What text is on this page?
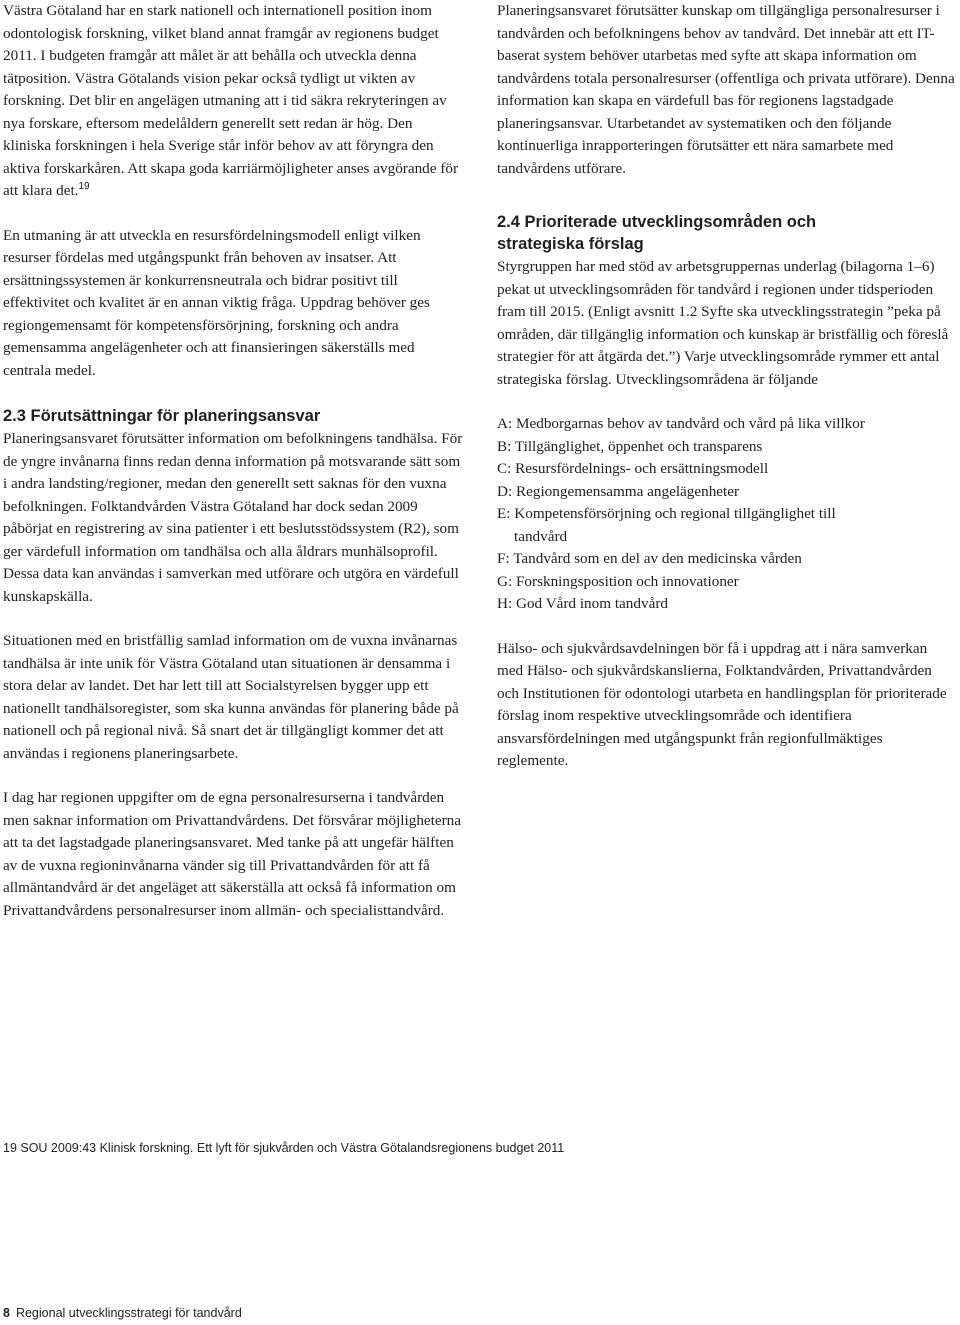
Västra Götaland har en stark nationell och internationell position inom odontologisk forskning, vilket bland annat framgår av regionens budget 2011. I budgeten framgår att målet är att behålla och utveckla denna tätposition. Västra Götalands vision pekar också tydligt ut vikten av forskning. Det blir en angelägen utmaning att i tid säkra rekryteringen av nya forskare, eftersom medelåldern generellt sett redan är hög. Den kliniska forskningen i hela Sverige står inför behov av att föryngra den aktiva forskarkåren. Att skapa goda karriärmöjligheter anses avgörande för att klara det.$^{19}$

En utmaning är att utveckla en resursfördelningsmodell enligt vilken resurser fördelas med utgångspunkt från behoven av insatser. Att ersättningssystemen är konkurrensneutrala och bidrar positivt till effektivitet och kvalitet är en annan viktig fråga. Uppdrag behöver ges regiongemensamt för kompetensförsörjning, forskning och andra gemensamma angelägenheter och att finansieringen säkerställs med centrala medel.

2.3 Förutsättningar för planeringsansvar

Planeringsansvaret förutsätter information om befolkningens tandhälsa. För de yngre invånarna finns redan denna information på motsvarande sätt som i andra landsting/regioner, medan den generellt sett saknas för den vuxna befolkningen. Folktandvården Västra Götaland har dock sedan 2009 påbörjat en registrering av sina patienter i ett beslutsstödssystem (R2), som ger värdefull information om tandhälsa och alla åldrars munhälsoprofil. Dessa data kan användas i samverkan med utförare och utgöra en värdefull kunskapskälla.

Situationen med en bristfällig samlad information om de vuxna invånarnas tandhälsa är inte unik för Västra Götaland utan situationen är densamma i stora delar av landet. Det har lett till att Socialstyrelsen bygger upp ett nationellt tandhälsoregister, som ska kunna användas för planering både på nationell och på regional nivå. Så snart det är tillgängligt kommer det att användas i regionens planeringsarbete.

I dag har regionen uppgifter om de egna personalresurserna i tandvården men saknar information om Privattandvårdens. Det försvårar möjligheterna att ta det lagstadgade planeringsansvaret. Med tanke på att ungefär hälften av de vuxna regioninvånarna vänder sig till Privattandvården för att få allmäntandvård är det angeläget att säkerställa att också få information om Privattandvårdens personalresurser inom allmän- och specialisttandvård.

Planeringsansvaret förutsätter kunskap om tillgängliga personalresurser i tandvården och befolkningens behov av tandvård. Det innebär att ett IT-baserat system behöver utarbetas med syfte att skapa information om tandvårdens totala personalresurser (offentliga och privata utförare). Denna information kan skapa en värdefull bas för regionens lagstadgade planeringsansvar. Utarbetandet av systematiken och den följande kontinuerliga inrapporteringen förutsätter ett nära samarbete med tandvårdens utförare.

2.4 Prioriterade utvecklingsområden och
strategiska förslag

Styrgruppen har med stöd av arbetsgruppernas underlag (bilagorna 1–6) pekat ut utvecklingsområden för tandvård i regionen under tidsperioden fram till 2015. (Enligt avsnitt 1.2 Syfte ska utvecklingsstrategin ”peka på områden, där tillgänglig information och kunskap är bristfällig och föreslå strategier för att åtgärda det.”) Varje utvecklingsområde rymmer ett antal strategiska förslag. Utvecklingsområdena är följande

A: Medborgarnas behov av tandvård och vård på lika villkor
B: Tillgänglighet, öppenhet och transparens
C: Resursfördelnings- och ersättningsmodell
D: Regiongemensamma angelägenheter
E: Kompetensförsörjning och regional tillgänglighet till
tandvård
F: Tandvård som en del av den medicinska vården
G: Forskningsposition och innovationer
H: God Vård inom tandvård

Hälso- och sjukvårdsavdelningen bör få i uppdrag att i nära samverkan med Hälso- och sjukvårdskanslierna, Folktandvården, Privattandvården och Institutionen för odontologi utarbeta en handlingsplan för prioriterade förslag inom respektive utvecklingsområde och identifiera ansvarsfördelningen med utgångspunkt från regionfullmäktiges reglemente.

19 SOU 2009:43 Klinisk forskning. Ett lyft för sjukvården och Västra Götalandsregionens budget 2011
8 Regional utvecklingsstrategi för tandvård
